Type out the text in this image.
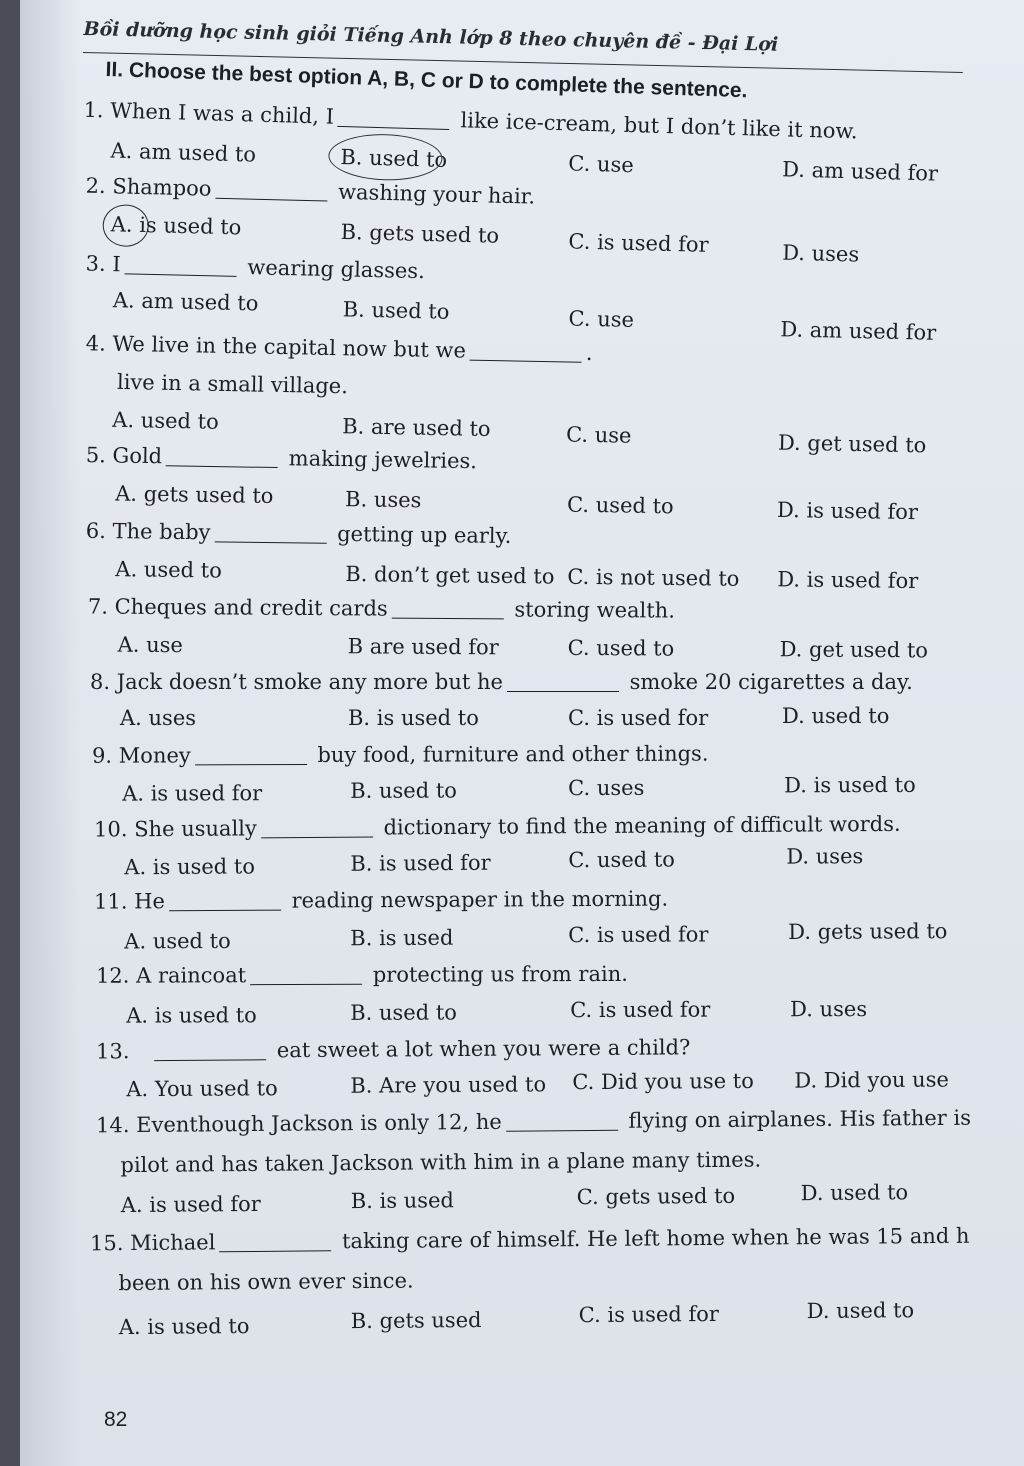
Bồi dưỡng học sinh giỏi Tiếng Anh lớp 8 theo chuyên đề - Đại Lợi
II. Choose the best option A, B, C or D to complete the sentence.
1. When I was a child, I	like ice-cream, but I don’t like it now.
A. am used to	B. used to	C. use	D. am used for
2. Shampoo	washing your hair.
A. is used to	B. gets used to	C. is used for	D. uses
3. I	wearing glasses.
A. am used to	B. used to	C. use	D. am used for
4. We live in the capital now but we	.
live in a small village.
A. used to	B. are used to	C. use	D. get used to
5. Gold	making jewelries.
A. gets used to	B. uses	C. used to	D. is used for
6. The baby	getting up early.
A. used to	B. don’t get used to C. is not used to D. is used for
7. Cheques and credit cards	storing wealth.
A. use	B are used for	C. used to	D. get used to
8. Jack doesn’t smoke any more but he	smoke 20 cigarettes a day.
A. uses	B. is used to	C. is used for	D. used to
9. Money	buy food, furniture and other things.
A. is used for	B. used to	C. uses	D. is used to
10. She usually	dictionary to find the meaning of difficult words.
A. is used to	B. is used for	C. used to	D. uses
11. He	reading newspaper in the morning.
A. used to	B. is used	C. is used for	D. gets used to
12. A raincoat	protecting us from rain.
A. is used to	B. used to	C. is used for	D. uses
13.	eat sweet a lot when you were a child?
A. You used to	B. Are you used to C. Did you use to D. Did you use
14. Eventhough Jackson is only 12, he	flying on airplanes. His father is
pilot and has taken Jackson with him in a plane many times.
A. is used for	B. is used	C. gets used to	D. used to
15. Michael	taking care of himself. He left home when he was 15 and h
been on his own ever since.
A. is used to	B. gets used	C. is used for	D. used to
82
